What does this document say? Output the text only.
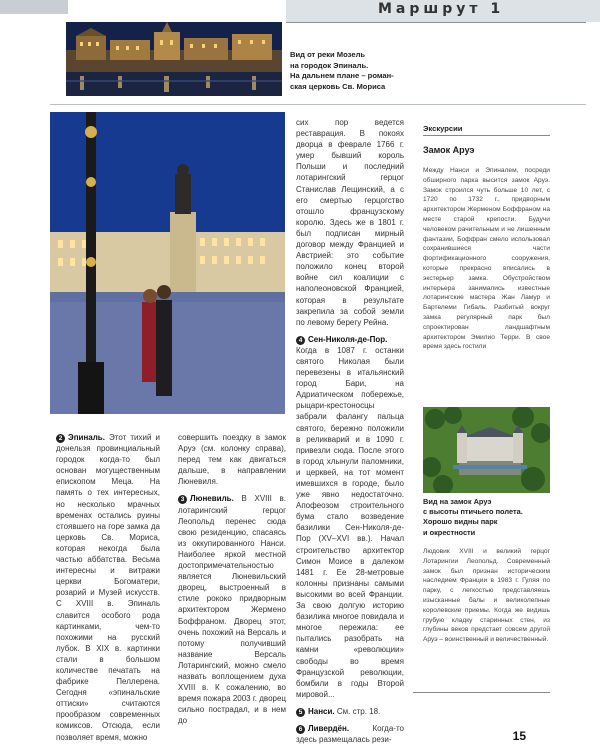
Маршрут 1
Вид от реки Мозель
на городок Эпиналь.
На дальнем плане – роман-
ская церковь Св. Мориса

2 Эпиналь. Этот тихий и донельзя провинциальный городок когда-то был основан могущественным епископом Меца. На память о тех интересных, но несколько мрачных временах остались руины стоявшего на горе замка да церковь Св. Мориса, которая некогда была частью аббатства. Весьма интересны и витражи церкви Богоматери, розарий и Музей искусств. С XVIII в. Эпиналь славится особого рода картинками, чем-то похожими на русский лубок. В XIX в. картинки стали в большом количестве печатать на фабрике Пеллерена. Сегодня «эпинальские оттиски» считаются прообразом современных комиксов. Отсюда, если позволяет время, можно

совершить поездку в замок Аруэ (см. колонку справа), перед тем как двигаться дальше, в направлении Люневиля.

3 Люневиль. В XVIII в. лотарингский герцог Леопольд перенес сюда свою резиденцию, спасаясь из оккупированного Нанси. Наиболее яркой местной достопримечательностью является Люневильский дворец, выстроенный в стиле рококо придворным архитектором Жермено Боффраном. Дворец этот, очень похожий на Версаль и потому получивший название Версаль Лотарингский, можно смело назвать воплощением духа XVIII в. К сожалению, во время пожара 2003 г. дворец сильно пострадал, и в нем до

сих пор ведется реставрация. В покоях дворца в феврале 1766 г. умер бывший король Польши и последний лотарингский герцог Станислав Лещинский, а с его смертью герцогство отошло французскому королю. Здесь же в 1801 г. был подписан мирный договор между Францией и Австрией: это событие положило конец второй войне сил коалиции с наполеоновской Францией, которая в результате закрепила за собой земли по левому берегу Рейна.

4 Сен-Николя-де-Пор. Когда в 1087 г. останки святого Николая были перевезены в итальянский город Бари, на Адриатическом побережье, рыцари-крестоносцы забрали фалангу пальца святого, бережно положили в реликварий и в 1090 г. привезли сюда. После этого в город хлынули паломники, и церквей, на тот момент имевшихся в городе, было уже явно недостаточно. Апофеозом строительного бума стало возведение базилики Сен-Николя-де-Пор (XV–XVI вв.). Начал строительство архитектор Симон Моисе в далеком 1481 г. Ее 28-метровые колонны признаны самыми высокими во всей Франции. За свою долгую историю базилика многое повидала и многое пережила: ее пытались разобрать на камни «революции» свободы во время Французской революции, бомбили в годы Второй мировой...

5 Нанси. См. стр. 18.

6 Ливердён.	Когда-то здесь размещалась рези-

Экскурсии
Замок Аруэ

Между Нанси и Эпиналем, посреди обширного парка высится замок Аруэ. Замок строился чуть больше 10 лет, с 1720 по 1732 г., придворным архитектором Жерменом Боффраном на месте старой крепости. Будучи человеком рачительным и не лишенным фантазии, Боффран смело использовал сохранившиеся части фортификационного сооружения, которые прекрасно вписались в экстерьер замка. Обустройством интерьера занимались известные лотарингские мастера Жан Ламур и Бартелеми Гибаль. Разбитый вокруг замка регулярный парк был спроектирован ландшафтным архитектором Эмилио Терри. В свое время здесь гостили

Вид на замок Аруэ
с высоты птичьего полета.
Хорошо видны парк
и окрестности

Людовик XVIII и великий герцог Лотарингии Леопольд. Современный замок был признан историческим наследием Франции в 1983 г. Гуляя по парку, с легкостью представляешь изысканные балы и великолепные королевские приемы. Когда же видишь грубую кладку старинных стен, из глубины веков предстает совсем другой Аруэ – воинственный и величественный.

15
